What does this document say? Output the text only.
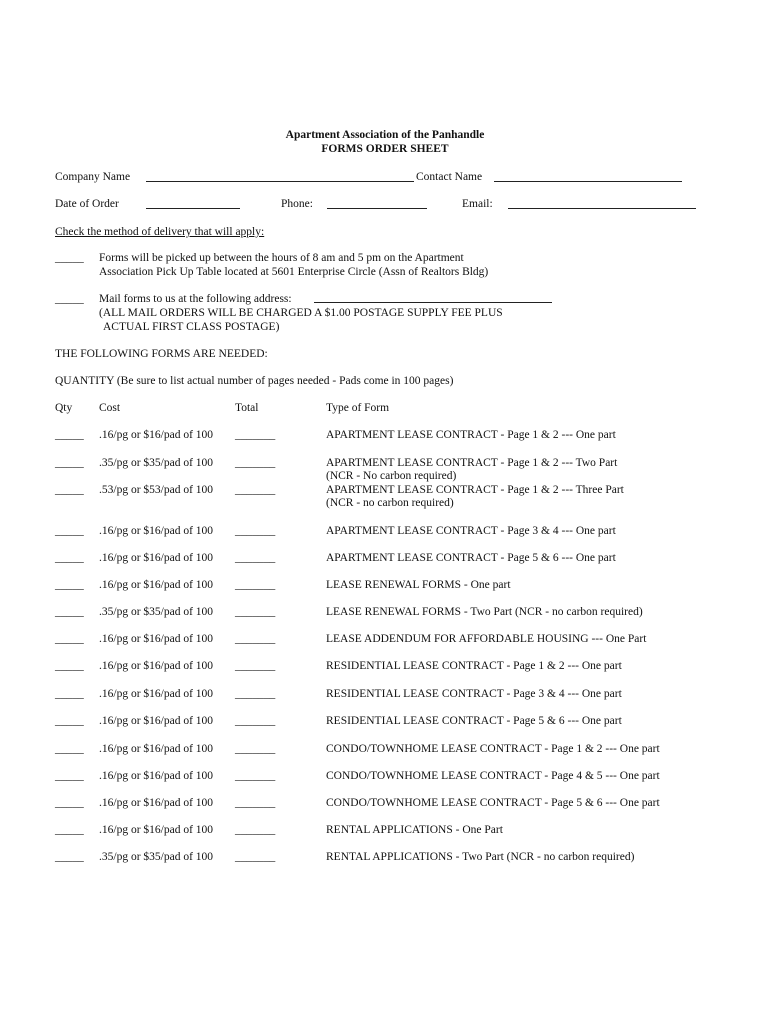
Apartment Association of the Panhandle
FORMS ORDER SHEET
Company Name	Contact Name
Date of Order	Phone:	Email:
Check the method of delivery that will apply:
_____ Forms will be picked up between the hours of 8 am and 5 pm on the Apartment
Association Pick Up Table located at 5601 Enterprise Circle (Assn of Realtors Bldg)
_____ Mail forms to us at the following address:
(ALL MAIL ORDERS WILL BE CHARGED A $1.00 POSTAGE SUPPLY FEE PLUS
ACTUAL FIRST CLASS POSTAGE)
THE FOLLOWING FORMS ARE NEEDED:
QUANTITY (Be sure to list actual number of pages needed - Pads come in 100 pages)
Qty Cost	Total	Type of Form
_____ .16/pg or $16/pad of 100 _______	APARTMENT LEASE CONTRACT - Page 1 & 2 --- One part
_____ .35/pg or $35/pad of 100 _______	APARTMENT LEASE CONTRACT - Page 1 & 2 --- Two Part
(NCR - No carbon required)
_____ .53/pg or $53/pad of 100 _______	APARTMENT LEASE CONTRACT - Page 1 & 2 --- Three Part
(NCR - no carbon required)
_____ .16/pg or $16/pad of 100 _______	APARTMENT LEASE CONTRACT - Page 3 & 4 --- One part
_____ .16/pg or $16/pad of 100 _______	APARTMENT LEASE CONTRACT - Page 5 & 6 --- One part
_____ .16/pg or $16/pad of 100 _______	LEASE RENEWAL FORMS - One part
_____ .35/pg or $35/pad of 100 _______	LEASE RENEWAL FORMS - Two Part (NCR - no carbon required)
_____ .16/pg or $16/pad of 100 _______	LEASE ADDENDUM FOR AFFORDABLE HOUSING --- One Part
_____ .16/pg or $16/pad of 100 _______	RESIDENTIAL LEASE CONTRACT - Page 1 & 2 --- One part
_____ .16/pg or $16/pad of 100 _______	RESIDENTIAL LEASE CONTRACT - Page 3 & 4 --- One part
_____ .16/pg or $16/pad of 100 _______	RESIDENTIAL LEASE CONTRACT - Page 5 & 6 --- One part
_____ .16/pg or $16/pad of 100 _______	CONDO/TOWNHOME LEASE CONTRACT - Page 1 & 2 --- One part
_____ .16/pg or $16/pad of 100 _______	CONDO/TOWNHOME LEASE CONTRACT - Page 4 & 5 --- One part
_____ .16/pg or $16/pad of 100 _______	CONDO/TOWNHOME LEASE CONTRACT - Page 5 & 6 --- One part
_____ .16/pg or $16/pad of 100 _______	RENTAL APPLICATIONS - One Part
_____ .35/pg or $35/pad of 100 _______	RENTAL APPLICATIONS - Two Part (NCR - no carbon required)
